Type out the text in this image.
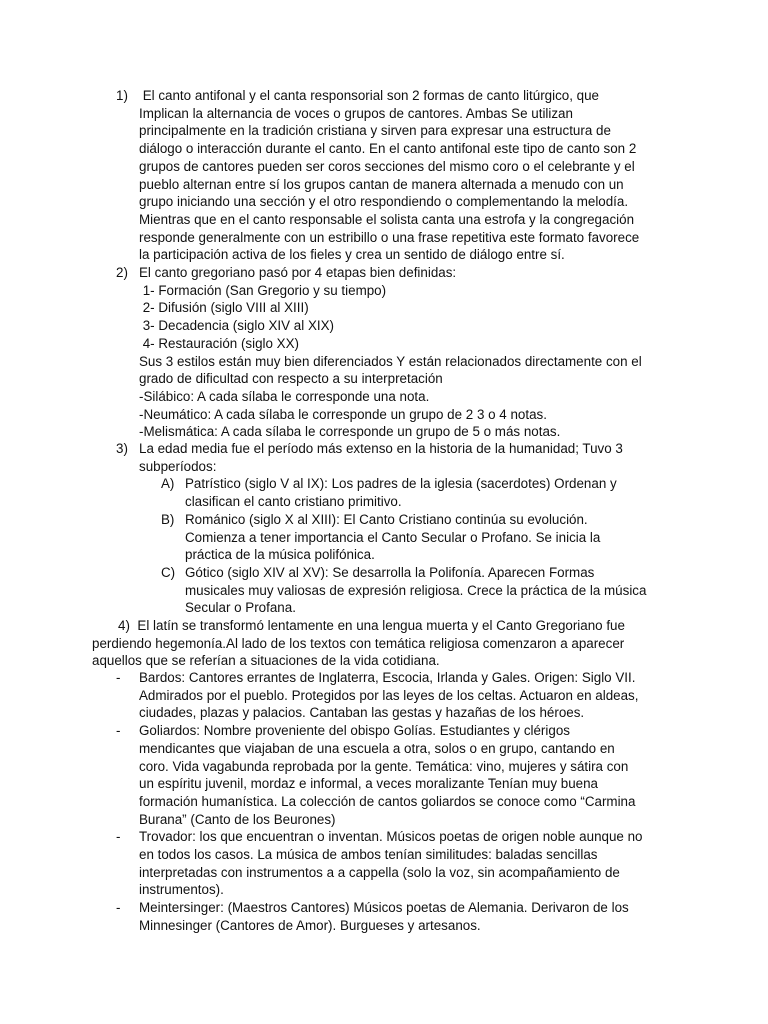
1) El canto antifonal y el canta responsorial son 2 formas de canto litúrgico, que
Implican la alternancia de voces o grupos de cantores. Ambas Se utilizan
principalmente en la tradición cristiana y sirven para expresar una estructura de
diálogo o interacción durante el canto. En el canto antifonal este tipo de canto son 2
grupos de cantores pueden ser coros secciones del mismo coro o el celebrante y el
pueblo alternan entre sí los grupos cantan de manera alternada a menudo con un
grupo iniciando una sección y el otro respondiendo o complementando la melodía.
Mientras que en el canto responsable el solista canta una estrofa y la congregación
responde generalmente con un estribillo o una frase repetitiva este formato favorece
la participación activa de los fieles y crea un sentido de diálogo entre sí.
2) El canto gregoriano pasó por 4 etapas bien definidas:
1- Formación (San Gregorio y su tiempo)
2- Difusión (siglo VIII al XIII)
3- Decadencia (siglo XIV al XIX)
4- Restauración (siglo XX)
Sus 3 estilos están muy bien diferenciados Y están relacionados directamente con el
grado de dificultad con respecto a su interpretación
-Silábico: A cada sílaba le corresponde una nota.
-Neumático: A cada sílaba le corresponde un grupo de 2 3 o 4 notas.
-Melismática: A cada sílaba le corresponde un grupo de 5 o más notas.
3) La edad media fue el período más extenso en la historia de la humanidad; Tuvo 3
subperíodos:
A) Patrístico (siglo V al IX): Los padres de la iglesia (sacerdotes) Ordenan y
clasifican el canto cristiano primitivo.
B) Románico (siglo X al XIII): El Canto Cristiano continúa su evolución.
Comienza a tener importancia el Canto Secular o Profano. Se inicia la
práctica de la música polifónica.
C) Gótico (siglo XIV al XV): Se desarrolla la Polifonía. Aparecen Formas
musicales muy valiosas de expresión religiosa. Crece la práctica de la música
Secular o Profana.
4)  El latín se transformó lentamente en una lengua muerta y el Canto Gregoriano fue
perdiendo hegemonía.Al lado de los textos con temática religiosa comenzaron a aparecer
aquellos que se referían a situaciones de la vida cotidiana.
- Bardos: Cantores errantes de Inglaterra, Escocia, Irlanda y Gales. Origen: Siglo VII.
Admirados por el pueblo. Protegidos por las leyes de los celtas. Actuaron en aldeas,
ciudades, plazas y palacios. Cantaban las gestas y hazañas de los héroes.
- Goliardos: Nombre proveniente del obispo Golías. Estudiantes y clérigos
mendicantes que viajaban de una escuela a otra, solos o en grupo, cantando en
coro. Vida vagabunda reprobada por la gente. Temática: vino, mujeres y sátira con
un espíritu juvenil, mordaz e informal, a veces moralizante Tenían muy buena
formación humanística. La colección de cantos goliardos se conoce como “Carmina
Burana” (Canto de los Beurones)
- Trovador: los que encuentran o inventan. Músicos poetas de origen noble aunque no
en todos los casos. La música de ambos tenían similitudes: baladas sencillas
interpretadas con instrumentos a a cappella (solo la voz, sin acompañamiento de
instrumentos).
- Meintersinger: (Maestros Cantores) Músicos poetas de Alemania. Derivaron de los
Minnesinger (Cantores de Amor). Burgueses y artesanos.
